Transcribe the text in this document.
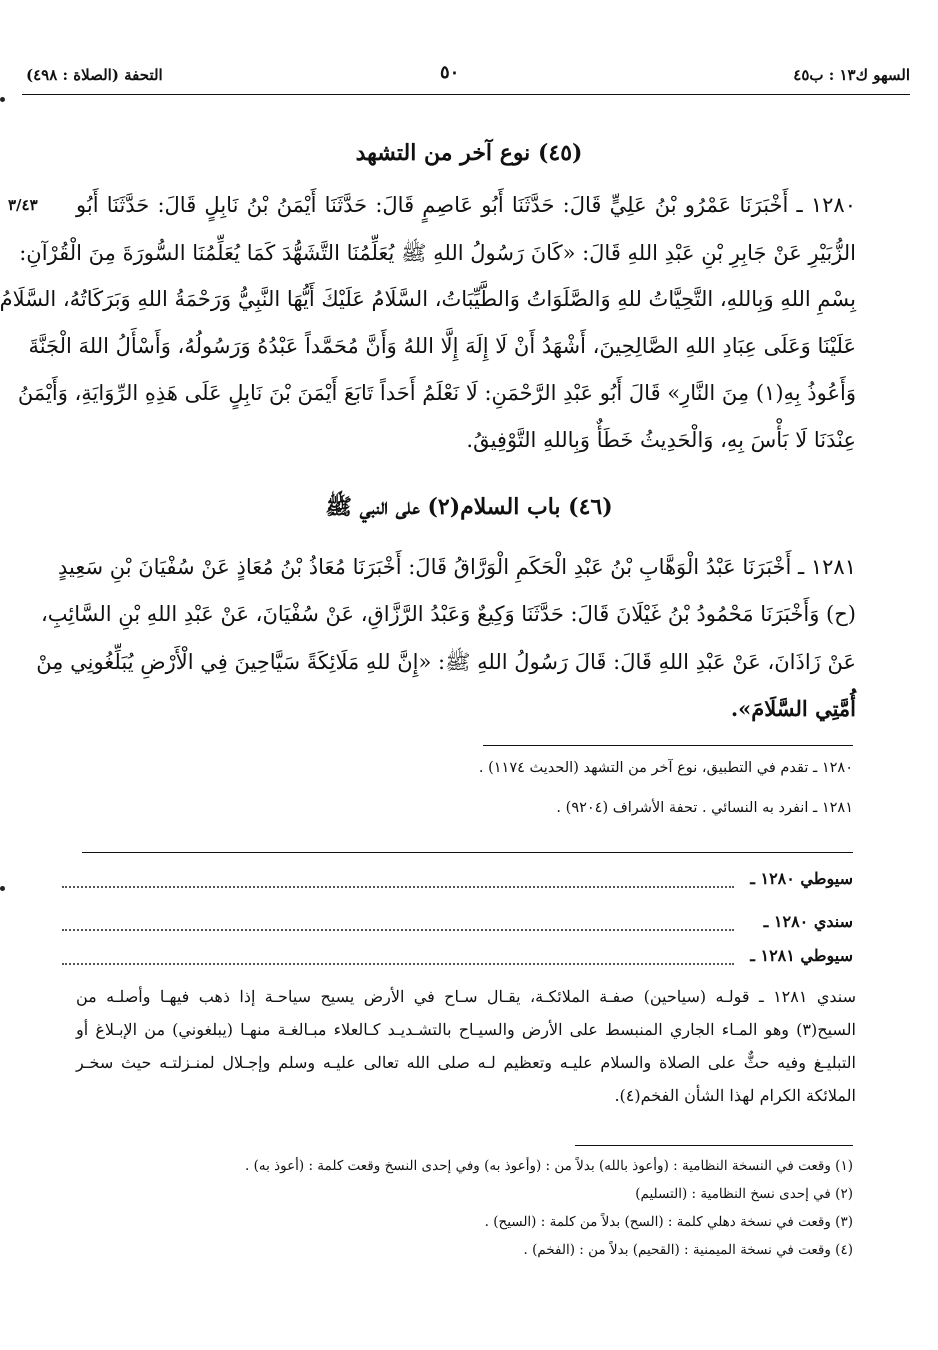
السهو ك١٣ : ب٤٥
٥٠
التحفة (الصلاة : ٤٩٨)
(٤٥) نوع آخر من التشهد
٣/٤٣ ١٢٨٠ ـ أَخْبَرَنَا عَمْرُو بْنُ عَلِيٍّ قَالَ: حَدَّثَنَا أَبُو عَاصِمٍ قَالَ: حَدَّثَنَا أَيْمَنُ بْنُ نَابِلٍ قَالَ: حَدَّثَنَا أَبُو
الزُّبَيْرِ عَنْ جَابِرِ بْنِ عَبْدِ اللهِ قَالَ: «كَانَ رَسُولُ اللهِ ﷺ يُعَلِّمُنَا التَّشَهُّدَ كَمَا يُعَلِّمُنَا السُّورَةَ مِنَ الْقُرْآنِ:
بِسْمِ اللهِ وَبِاللهِ، التَّحِيَّاتُ للهِ وَالصَّلَوَاتُ وَالطَّيِّبَاتُ، السَّلَامُ عَلَيْكَ أَيُّهَا النَّبِيُّ وَرَحْمَةُ اللهِ وَبَرَكَاتُهُ، السَّلَامُ
عَلَيْنَا وَعَلَى عِبَادِ اللهِ الصَّالِحِينَ، أَشْهَدُ أَنْ لَا إِلَهَ إِلَّا اللهُ وَأَنَّ مُحَمَّداً عَبْدُهُ وَرَسُولُهُ، وَأَسْأَلُ اللهَ الْجَنَّةَ
وَأَعُوذُ بِهِ(١) مِنَ النَّارِ» قَالَ أَبُو عَبْدِ الرَّحْمَنِ: لَا نَعْلَمُ أَحَداً تَابَعَ أَيْمَنَ بْنَ نَابِلٍ عَلَى هَذِهِ الرِّوَايَةِ، وَأَيْمَنُ
عِنْدَنَا لَا بَأْسَ بِهِ، وَالْحَدِيثُ خَطَأٌ وَبِاللهِ التَّوْفِيقُ.
(٤٦) باب السلام(٢) على النبي ﷺ
١٢٨١ ـ أَخْبَرَنَا عَبْدُ الْوَهَّابِ بْنُ عَبْدِ الْحَكَمِ الْوَرَّاقُ قَالَ: أَخْبَرَنَا مُعَاذُ بْنُ مُعَاذٍ عَنْ سُفْيَانَ بْنِ سَعِيدٍ
(ح) وَأَخْبَرَنَا مَحْمُودُ بْنُ غَيْلَانَ قَالَ: حَدَّثَنَا وَكِيعٌ وَعَبْدُ الرَّزَّاقِ، عَنْ سُفْيَانَ، عَنْ عَبْدِ اللهِ بْنِ السَّائِبِ،
عَنْ زَاذَانَ، عَنْ عَبْدِ اللهِ قَالَ: قَالَ رَسُولُ اللهِ ﷺ: «إِنَّ للهِ مَلَائِكَةً سَيَّاحِينَ فِي الْأَرْضِ يُبَلِّغُونِي مِنْ
أُمَّتِي السَّلَامَ».
١٢٨٠ ـ تقدم في التطبيق، نوع آخر من التشهد (الحديث ١١٧٤) .
١٢٨١ ـ انفرد به النسائي . تحفة الأشراف (٩٢٠٤) .
سيوطي ١٢٨٠ ـ
سندي ١٢٨٠ ـ
سيوطي ١٢٨١ ـ
سندي ١٢٨١ ـ قولـه (سياحين) صفـة الملائكـة، يقـال سـاح في الأرض يسيح سياحـة إذا ذهب فيهـا وأصلـه من
السيح(٣) وهو المـاء الجاري المنبسط على الأرض والسيـاح بالتشـديـد كـالعلاء مبـالغـة منهـا (يبلغوني) من الإبـلاغ أو
التبليـغ وفيه حثٌّ على الصلاة والسلام عليـه وتعظيم لـه صلى الله تعالى عليـه وسلم وإجـلال لمنـزلتـه حيث سخـر
الملائكة الكرام لهذا الشأن الفخم(٤).
(١) وقعت في النسخة النظامية : (وأعوذ بالله) بدلاً من : (وأعوذ به) وفي إحدى النسخ وقعت كلمة : (أعوذ به) .
(٢) في إحدى نسخ النظامية : (التسليم)
(٣) وقعت في نسخة دهلي كلمة : (السح) بدلاً من كلمة : (السيح) .
(٤) وقعت في نسخة الميمنية : (القحيم) بدلاً من : (الفخم) .
